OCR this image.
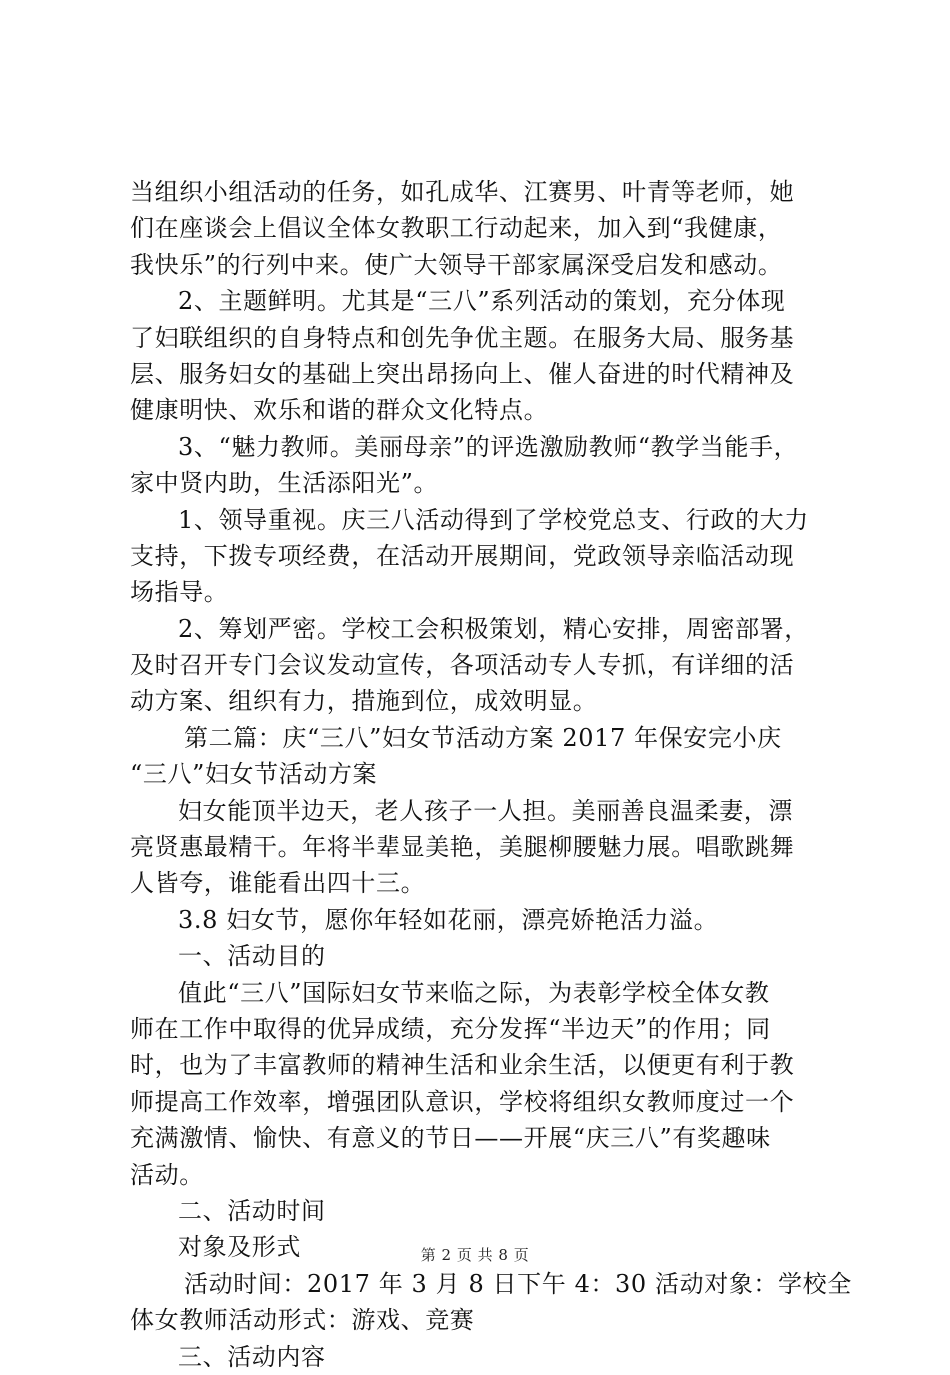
当组织小组活动的任务，如孔成华、江赛男、叶青等老师，她
们在座谈会上倡议全体女教职工行动起来，加入到“我健康，
我快乐”的行列中来。使广大领导干部家属深受启发和感动。
2、主题鲜明。尤其是“三八”系列活动的策划，充分体现
了妇联组织的自身特点和创先争优主题。在服务大局、服务基
层、服务妇女的基础上突出昂扬向上、催人奋进的时代精神及
健康明快、欢乐和谐的群众文化特点。
3、“魅力教师。美丽母亲”的评选激励教师“教学当能手，
家中贤内助，生活添阳光”。
1、领导重视。庆三八活动得到了学校党总支、行政的大力
支持，下拨专项经费，在活动开展期间，党政领导亲临活动现
场指导。
2、筹划严密。学校工会积极策划，精心安排，周密部署，
及时召开专门会议发动宣传，各项活动专人专抓，有详细的活
动方案、组织有力，措施到位，成效明显。
第二篇：庆“三八”妇女节活动方案 2017 年保安完小庆
“三八”妇女节活动方案
妇女能顶半边天，老人孩子一人担。美丽善良温柔妻，漂
亮贤惠最精干。年将半辈显美艳，美腿柳腰魅力展。唱歌跳舞
人皆夸，谁能看出四十三。
3.8 妇女节，愿你年轻如花丽，漂亮娇艳活力溢。
一、活动目的
值此“三八”国际妇女节来临之际，为表彰学校全体女教
师在工作中取得的优异成绩，充分发挥“半边天”的作用；同
时，也为了丰富教师的精神生活和业余生活，以便更有利于教
师提高工作效率，增强团队意识，学校将组织女教师度过一个
充满激情、愉快、有意义的节日——开展“庆三八”有奖趣味
活动。
二、活动时间
对象及形式
活动时间：2017 年 3 月 8 日下午 4：30 活动对象：学校全
体女教师活动形式：游戏、竞赛
三、活动内容
第 2 页 共 8 页
